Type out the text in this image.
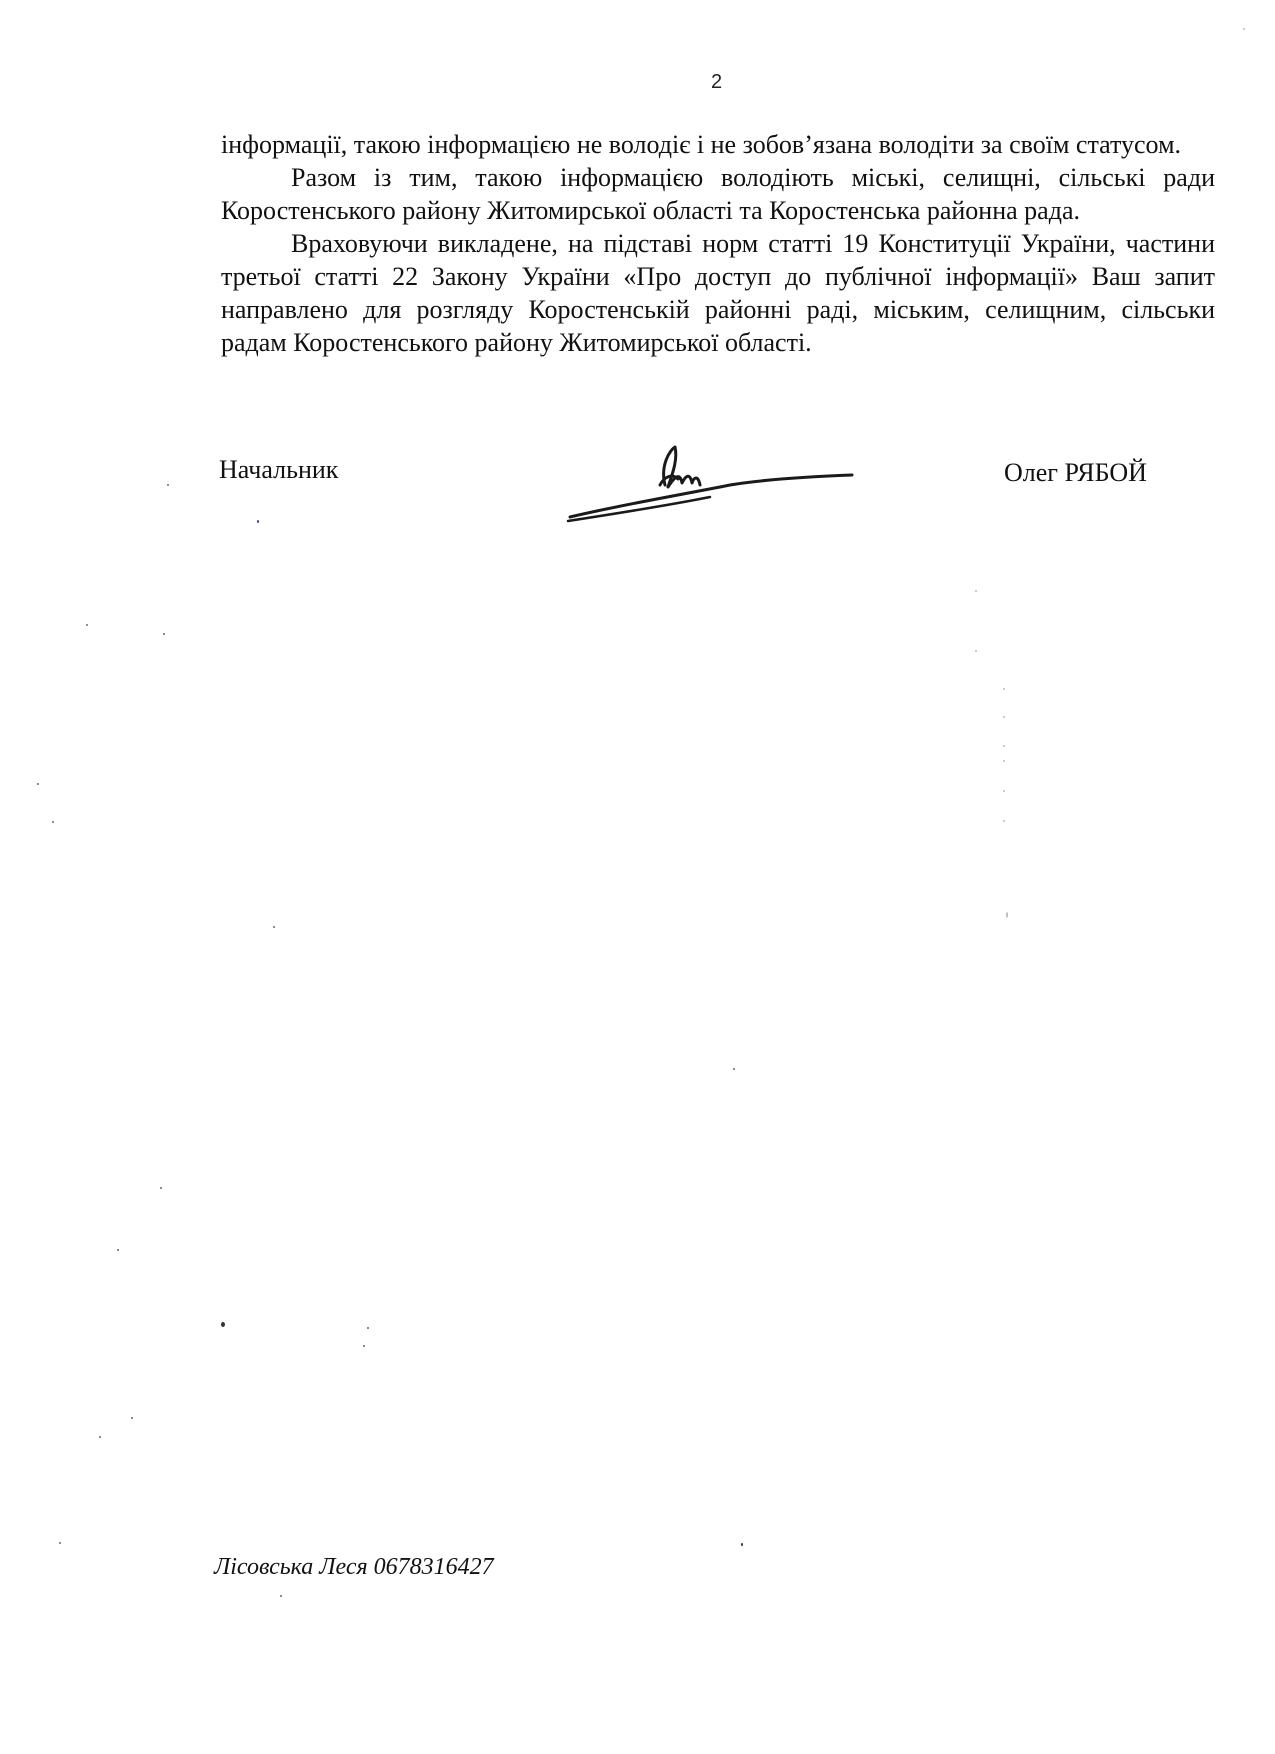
2

інформації, такою інформацією не володіє і не зобов’язана володіти за своїм статусом.

Разом із тим, такою інформацією володіють міські, селищні, сільські ради Коростенського району Житомирської області та Коростенська районна рада.

Враховуючи викладене, на підставі норм статті 19 Конституції України, частини третьої статті 22 Закону України «Про доступ до публічної інформації» Ваш запит направлено для розгляду Коростенській районні раді, міським, селищним, сільськи радам Коростенського району Житомирської області.

Начальник	Олег РЯБОЙ
Лісовська Леся 0678316427
